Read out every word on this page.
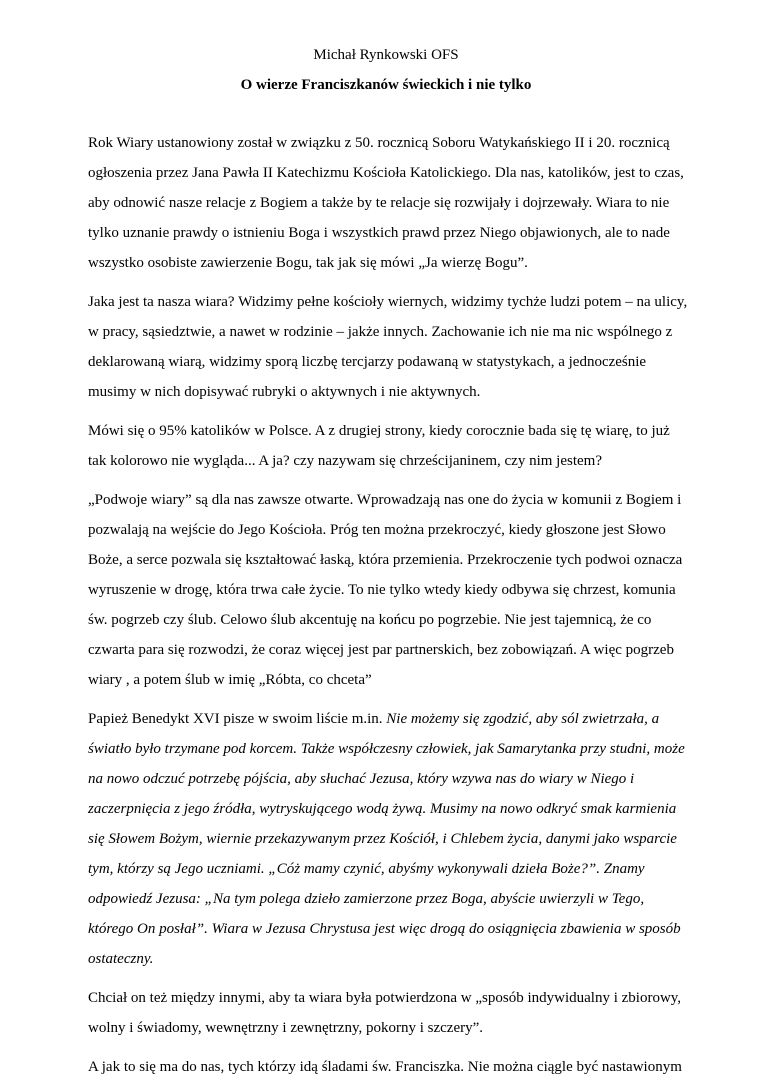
Michał Rynkowski OFS

O wierze Franciszkanów świeckich i nie tylko

Rok Wiary ustanowiony został w związku z 50. rocznicą Soboru Watykańskiego II i 20. rocznicą
ogłoszenia przez Jana Pawła II Katechizmu Kościoła Katolickiego. Dla nas, katolików, jest to czas,
aby odnowić nasze relacje z Bogiem a także by te relacje się rozwijały i dojrzewały. Wiara to nie
tylko uznanie prawdy o istnieniu Boga i wszystkich prawd przez Niego objawionych, ale to nade
wszystko osobiste zawierzenie Bogu, tak jak się mówi „Ja wierzę Bogu”.

Jaka jest ta nasza wiara? Widzimy pełne kościoły wiernych, widzimy tychże ludzi potem – na ulicy,
w pracy, sąsiedztwie, a nawet w rodzinie – jakże innych. Zachowanie ich nie ma nic wspólnego z
deklarowaną wiarą, widzimy sporą liczbę tercjarzy podawaną w statystykach, a jednocześnie
musimy w nich dopisywać rubryki o aktywnych i nie aktywnych.

Mówi się o 95% katolików w Polsce. A z drugiej strony, kiedy corocznie bada się tę wiarę, to już
tak kolorowo nie wygląda... A ja? czy nazywam się chrześcijaninem, czy nim jestem?

„Podwoje wiary” są dla nas zawsze otwarte. Wprowadzają nas one do życia w komunii z Bogiem i
pozwalają na wejście do Jego Kościoła. Próg ten można przekroczyć, kiedy głoszone jest Słowo
Boże, a serce pozwala się kształtować łaską, która przemienia. Przekroczenie tych podwoi oznacza
wyruszenie w drogę, która trwa całe życie. To nie tylko wtedy kiedy odbywa się chrzest, komunia
św. pogrzeb czy ślub. Celowo ślub akcentuję na końcu po pogrzebie. Nie jest tajemnicą, że co
czwarta para się rozwodzi, że coraz więcej jest par partnerskich, bez zobowiązań. A więc pogrzeb
wiary , a potem ślub w imię „Róbta, co chceta”

Papież Benedykt XVI pisze w swoim liście m.in. Nie możemy się zgodzić, aby sól zwietrzała, a
światło było trzymane pod korcem. Także współczesny człowiek, jak Samarytanka przy studni, może
na nowo odczuć potrzebę pójścia, aby słuchać Jezusa, który wzywa nas do wiary w Niego i
zaczerpnięcia z jego źródła, wytryskującego wodą żywą. Musimy na nowo odkryć smak karmienia
się Słowem Bożym, wiernie przekazywanym przez Kościół, i Chlebem życia, danymi jako wsparcie
tym, którzy są Jego uczniami. „Cóż mamy czynić, abyśmy wykonywali dzieła Boże?”. Znamy
odpowiedź Jezusa: „Na tym polega dzieło zamierzone przez Boga, abyście uwierzyli w Tego,
którego On posłał”. Wiara w Jezusa Chrystusa jest więc drogą do osiągnięcia zbawienia w sposób
ostateczny.

Chciał on też między innymi, aby ta wiara była potwierdzona w „sposób indywidualny i zbiorowy,
wolny i świadomy, wewnętrzny i zewnętrzny, pokorny i szczery”.

A jak to się ma do nas, tych którzy idą śladami św. Franciszka. Nie można ciągle być nastawionym
